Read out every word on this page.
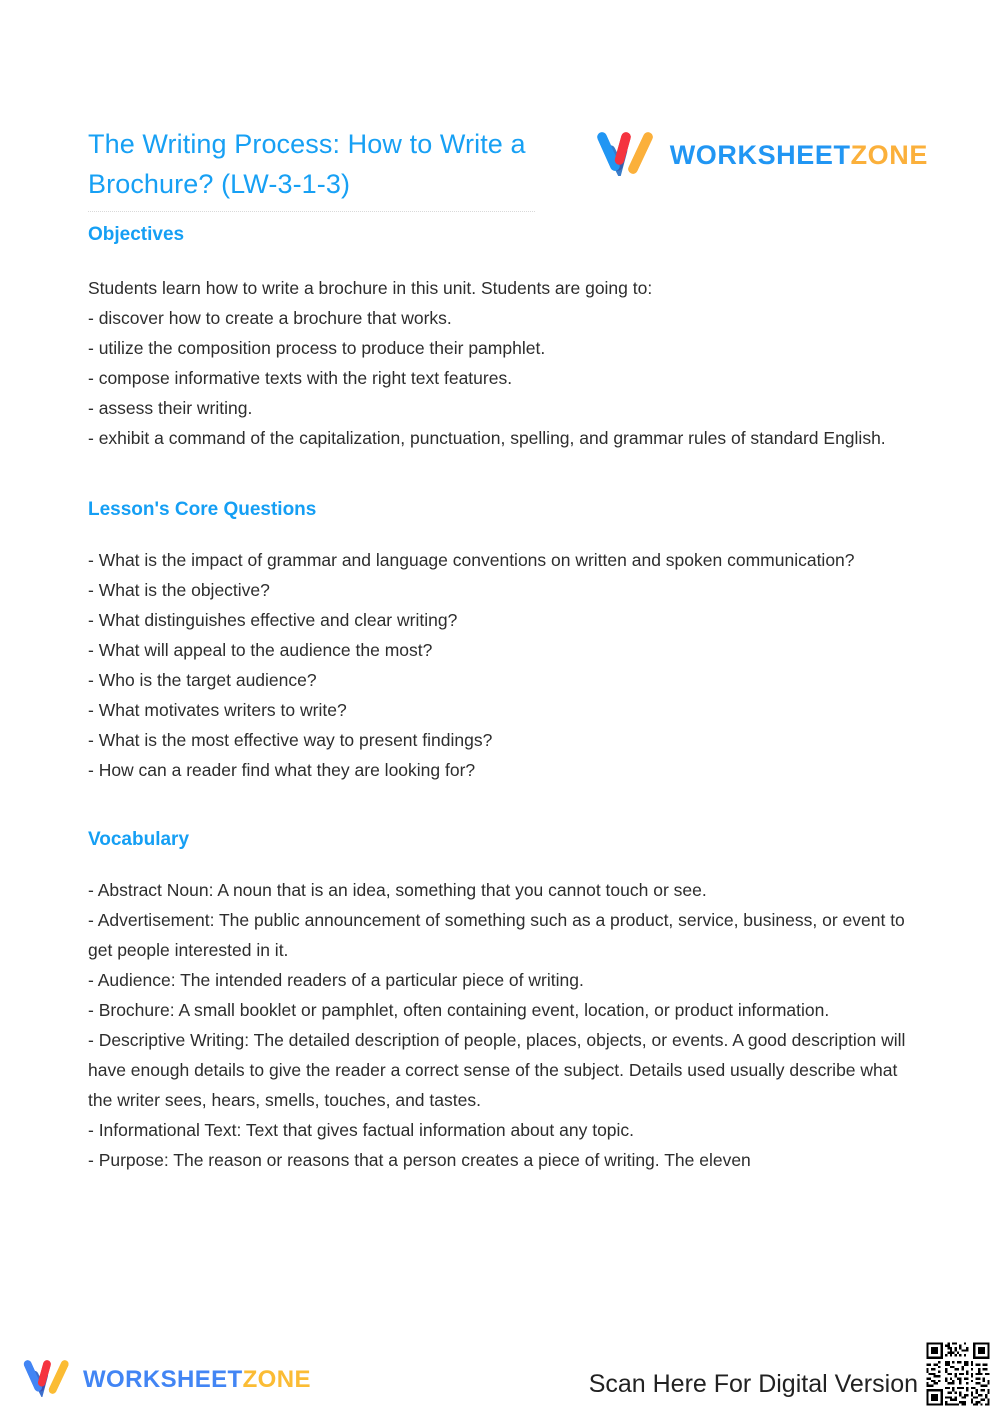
The Writing Process: How to Write a Brochure? (LW-3-1-3)
WORKSHEETZONE
Objectives

Students learn how to write a brochure in this unit. Students are going to:

- discover how to create a brochure that works.

- utilize the composition process to produce their pamphlet.

- compose informative texts with the right text features.

- assess their writing.

- exhibit a command of the capitalization, punctuation, spelling, and grammar rules of standard English.

Lesson's Core Questions

- What is the impact of grammar and language conventions on written and spoken communication?

- What is the objective?

- What distinguishes effective and clear writing?

- What will appeal to the audience the most?

- Who is the target audience?

- What motivates writers to write?

- What is the most effective way to present findings?

- How can a reader find what they are looking for?

Vocabulary

- Abstract Noun: A noun that is an idea, something that you cannot touch or see.

- Advertisement: The public announcement of something such as a product, service, business, or event to get people interested in it.

- Audience: The intended readers of a particular piece of writing.

- Brochure: A small booklet or pamphlet, often containing event, location, or product information.

- Descriptive Writing: The detailed description of people, places, objects, or events. A good description will have enough details to give the reader a correct sense of the subject. Details used usually describe what the writer sees, hears, smells, touches, and tastes.

- Informational Text: Text that gives factual information about any topic.

- Purpose: The reason or reasons that a person creates a piece of writing. The eleven

WORKSHEETZONE	Scan Here For Digital Version
